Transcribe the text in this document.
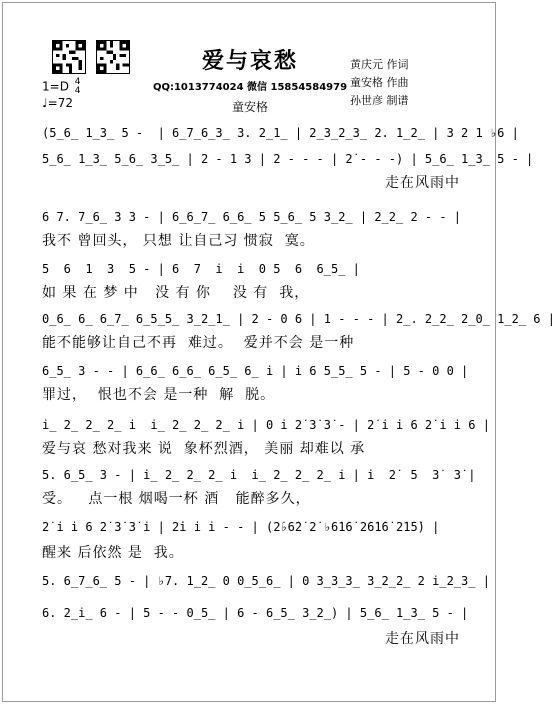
爱与哀愁
QQ:1013774024 微信 15854584979
童安格
黄庆元 作词
童安格 作曲
孙世彦 制谱
1=D 4
4

♩=72
(5̲6̲ 1̲3̲ 5 -  | 6̲7̲6̲3̲ 3. 2̲1̲ | 2̲3̲2̲3̲ 2. 1̲2̲ | 3 2 1 ♭6 |
5̲6̲ 1̲3̲ 5̲6̲ 3̲5̲ | 2 - 1 3 | 2 - - - | 2̇ - - -) | 5̲6̲ 1̲3̲ 5 - |
走在风雨中
6 7. 7̲6̲ 3 3 - | 6̲6̲7̲ 6̲6̲ 5 5̲6̲ 5 3̲2̲ | 2̲2̲ 2 - - |
我不 曾回头， 只想 让自己习 惯寂  寞。
5  6  1  3  5 - | 6  7  i  i  0 5  6  6̲5̲ |
如 果 在 梦 中   没 有 你    没 有  我，
0̲6̲ 6̲ 6̲7̲ 6̲5̲5̲ 3̲2̲1̲ | 2 - 0 6 | 1 - - - | 2̲. 2̲2̲ 2̲0̲ 1̲2̲ 6 |
能不能够让自己不再  难过。  爱并不会 是一种
6̲5̲ 3 - - | 6̲6̲ 6̲6̲ 6̲5̲ 6̲ i | i 6 5̲5̲ 5 - | 5 - 0 0 |
罪过，  恨也不会 是一种  解  脱。
i̲ 2̲ 2̲ 2̲ i  i̲ 2̲ 2̲ 2̲ i | 0 i 2̇ 3̇ 3̇ - | 2̇ i i 6 2̇ i i 6 |
爱与哀 愁对我来 说  象杯烈酒， 美丽 却难以 承
5. 6̲5̲ 3 - | i̲ 2̲ 2̲ 2̲ i  i̲ 2̲ 2̲ 2̲ i | i  2̇  5  3̇  3̇ |
受。   点一根 烟喝一杯 酒   能醉多久，
2̇ i i 6 2̇ 3̇ 3̇ i | 2̇i i i - - | (2̇♭6̇2̇ 2̇ ♭6̇1̇6̇ 2̇6̇1̇6̇ 2̇1̇5̇) |
醒来 后依然 是  我。
5. 6̲7̲6̲ 5 - | ♭7. 1̲2̲ 0 0̲5̲6̲ | 0 3̲3̲3̲ 3̲2̲2̲ 2 i̲2̲3̲ |
6. 2̲i̲ 6 - | 5 - - 0̲5̲ | 6 - 6̲5̲ 3̲2̲) | 5̲6̲ 1̲3̲ 5 - |
走在风雨中
